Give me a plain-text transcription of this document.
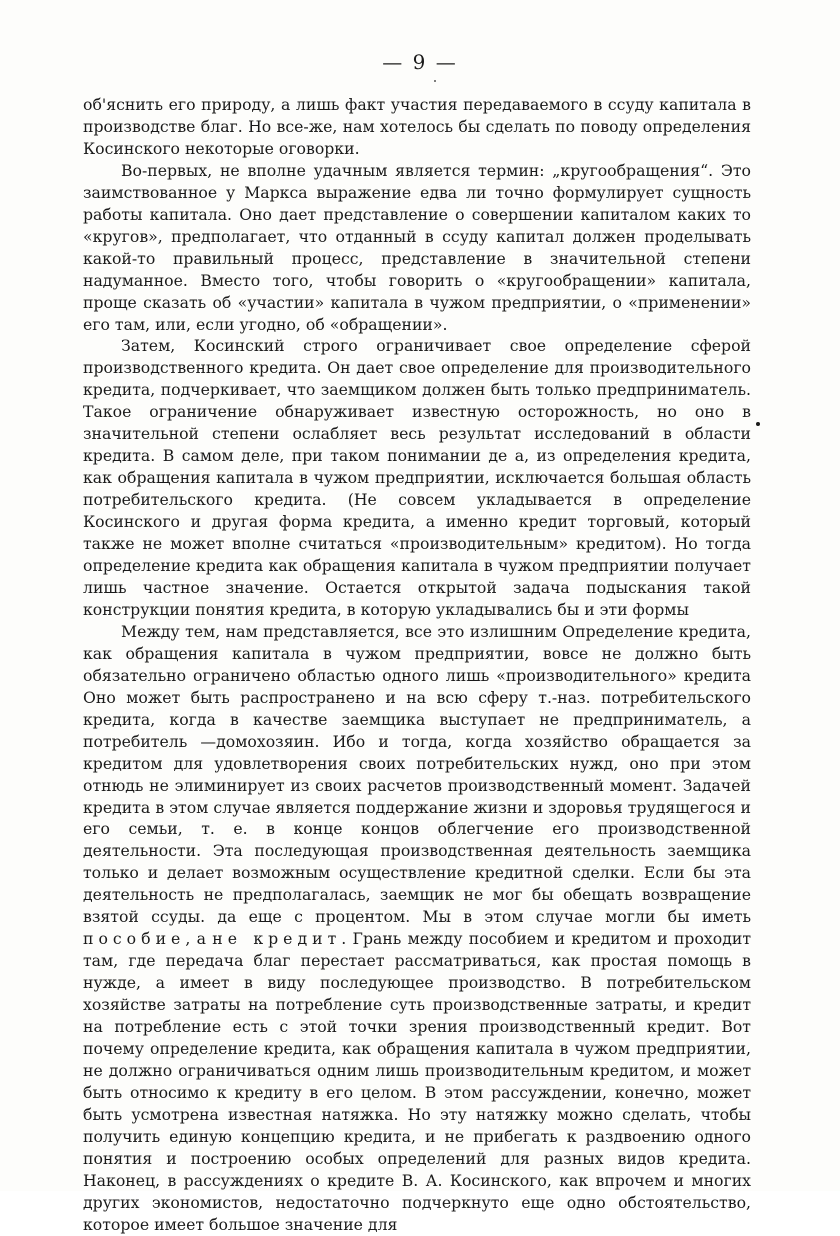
— 9 —

об'яснить его природу, а лишь факт участия передаваемого в ссуду капитала в производстве благ. Но все-же, нам хотелось бы сделать по поводу определения Косинского некоторые оговорки.

Во-первых, не вполне удачным является термин: „кругообращения“. Это заимствованное у Маркса выражение едва ли точно формулирует сущность работы капитала. Оно дает представление о совершении капиталом каких то «кругов», предполагает, что отданный в ссуду капитал должен проделывать какой-то правильный процесс, представление в значительной степени надуманное. Вместо того, чтобы говорить о «кругообращении» капитала, проще сказать об «участии» капитала в чужом предприятии, о «применении» его там, или, если угодно, об «обращении».

Затем, Косинский строго ограничивает свое определение сферой производственного кредита. Он дает свое определение для производительного кредита, подчеркивает, что заемщиком должен быть только предприниматель. Такое ограничение обнаруживает известную осторожность, но оно в значительной степени ослабляет весь результат исследований в области кредита. В самом деле, при таком понимании де а, из определения кредита, как обращения капитала в чужом предприятии, исключается большая область потребительского кредита. (Не совсем укладывается в определение Косинского и другая форма кредита, а именно кредит торговый, который также не может вполне считаться «производительным» кредитом). Но тогда определение кредита как обращения капитала в чужом предприятии получает лишь частное значение. Остается открытой задача подыскания такой конструкции понятия кредита, в которую укладывались бы и эти формы

Между тем, нам представляется, все это излишним Определение кредита, как обращения капитала в чужом предприятии, вовсе не должно быть обязательно ограничено областью одного лишь «производительного» кредита Оно может быть распространено и на всю сферу т.-наз. потребительского кредита, когда в качестве заемщика выступает не предприниматель, а потребитель —домохозяин. Ибо и тогда, когда хозяйство обращается за кредитом для удовлетворения своих потребительских нужд, оно при этом отнюдь не элиминирует из своих расчетов производственный момент. Задачей кредита в этом случае является поддержание жизни и здоровья трудящегося и его семьи, т. е. в конце концов облегчение его производственной деятельности. Эта последующая производственная деятельность заемщика только и делает возможным осуществление кредитной сделки. Если бы эта деятельность не предполагалась, заемщик не мог бы обещать возвращение взятой ссуды. да еще с процентом. Мы в этом случае могли бы иметь пособие, а не кредит. Грань между пособием и кредитом и проходит там, где передача благ перестает рассматриваться, как простая помощь в нужде, а имеет в виду последующее производство. В потребительском хозяйстве затраты на потребление суть производственные затраты, и кредит на потребление есть с этой точки зрения производственный кредит. Вот почему определение кредита, как обращения капитала в чужом предприятии, не должно ограничиваться одним лишь производительным кредитом, и может быть относимо к кредиту в его целом. В этом рассуждении, конечно, может быть усмотрена известная натяжка. Но эту натяжку можно сделать, чтобы получить единую концепцию кредита, и не прибегать к раздвоению одного понятия и построению особых определений для разных видов кредита. Наконец, в рассуждениях о кредите В. А. Косинского, как впрочем и многих других экономистов, недостаточно подчеркнуто еще одно обстоятельство, которое имеет большое значение для
